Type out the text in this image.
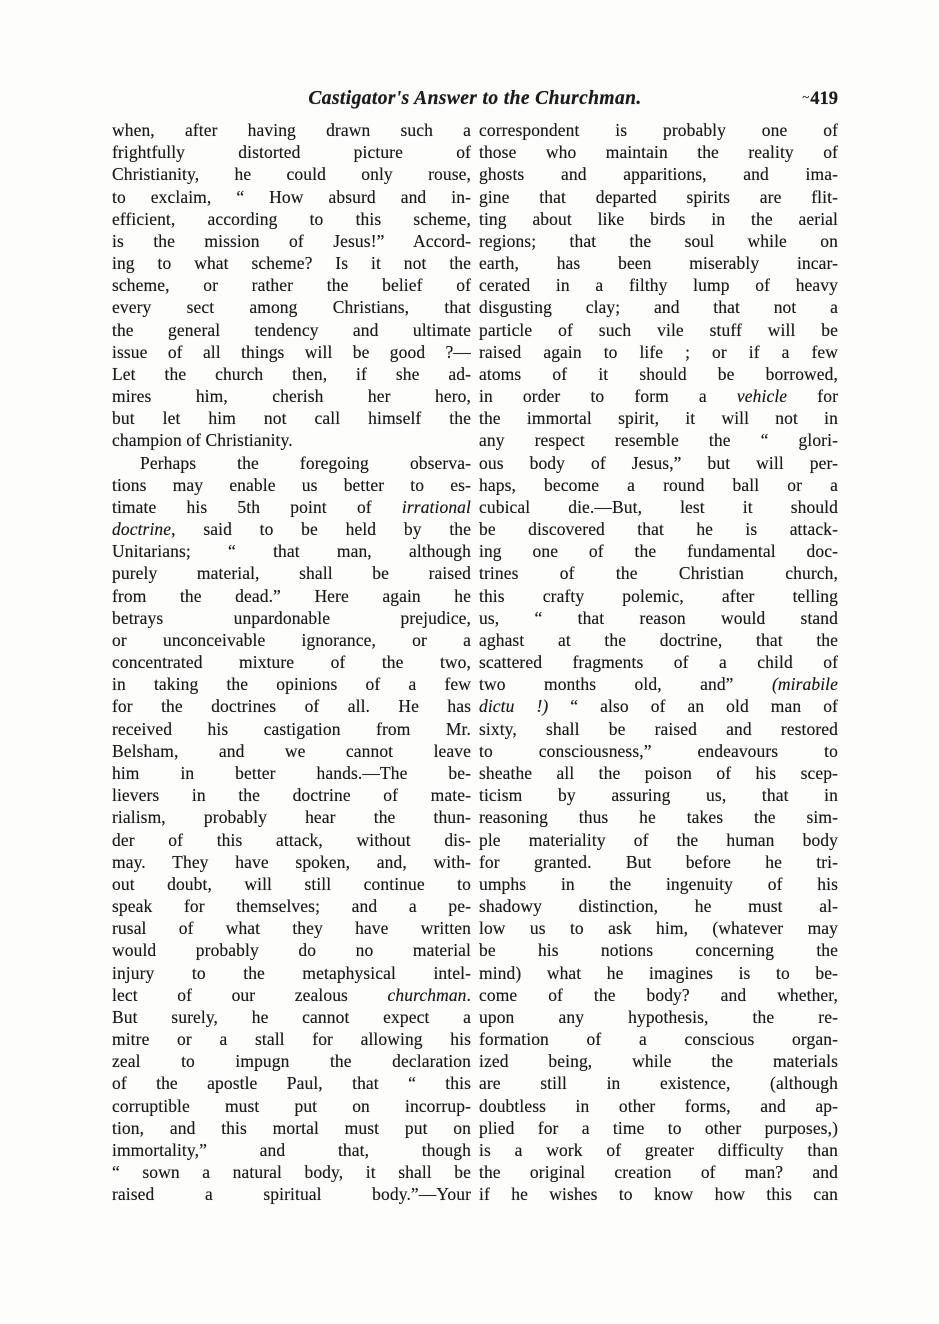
Castigator's Answer to the Churchman.	~419
when, after having drawn such a
frightfully distorted picture of
Christianity, he could only rouse,
to exclaim, “ How absurd and in-
efficient, according to this scheme,
is the mission of Jesus!” Accord-
ing to what scheme? Is it not the
scheme, or rather the belief of
every sect among Christians, that
the general tendency and ultimate
issue of all things will be good ?—
Let the church then, if she ad-
mires him, cherish her hero,
but let him not call himself the
champion of Christianity.
Perhaps the foregoing observa-
tions may enable us better to es-
timate his 5th point of irrational
doctrine, said to be held by the
Unitarians; “ that man, although
purely material, shall be raised
from the dead.” Here again he
betrays unpardonable prejudice,
or unconceivable ignorance, or a
concentrated mixture of the two,
in taking the opinions of a few
for the doctrines of all. He has
received his castigation from Mr.
Belsham, and we cannot leave
him in better hands.—The be-
lievers in the doctrine of mate-
rialism, probably hear the thun-
der of this attack, without dis-
may. They have spoken, and, with-
out doubt, will still continue to
speak for themselves; and a pe-
rusal of what they have written
would probably do no material
injury to the metaphysical intel-
lect of our zealous churchman.
But surely, he cannot expect a
mitre or a stall for allowing his
zeal to impugn the declaration
of the apostle Paul, that “ this
corruptible must put on incorrup-
tion, and this mortal must put on
immortality,” and that, though
“ sown a natural body, it shall be
raised a spiritual body.”—Your
correspondent is probably one of
those who maintain the reality of
ghosts and apparitions, and ima-
gine that departed spirits are flit-
ting about like birds in the aerial
regions; that the soul while on
earth, has been miserably incar-
cerated in a filthy lump of heavy
disgusting clay; and that not a
particle of such vile stuff will be
raised again to life ; or if a few
atoms of it should be borrowed,
in order to form a vehicle for
the immortal spirit, it will not in
any respect resemble the “ glori-
ous body of Jesus,” but will per-
haps, become a round ball or a
cubical die.—But, lest it should
be discovered that he is attack-
ing one of the fundamental doc-
trines of the Christian church,
this crafty polemic, after telling
us, “ that reason would stand
aghast at the doctrine, that the
scattered fragments of a child of
two months old, and” (mirabile
dictu !) “ also of an old man of
sixty, shall be raised and restored
to consciousness,” endeavours to
sheathe all the poison of his scep-
ticism by assuring us, that in
reasoning thus he takes the sim-
ple materiality of the human body
for granted. But before he tri-
umphs in the ingenuity of his
shadowy distinction, he must al-
low us to ask him, (whatever may
be his notions concerning the
mind) what he imagines is to be-
come of the body? and whether,
upon any hypothesis, the re-
formation of a conscious organ-
ized being, while the materials
are still in existence, (although
doubtless in other forms, and ap-
plied for a time to other purposes,)
is a work of greater difficulty than
the original creation of man? and
if he wishes to know how this can
